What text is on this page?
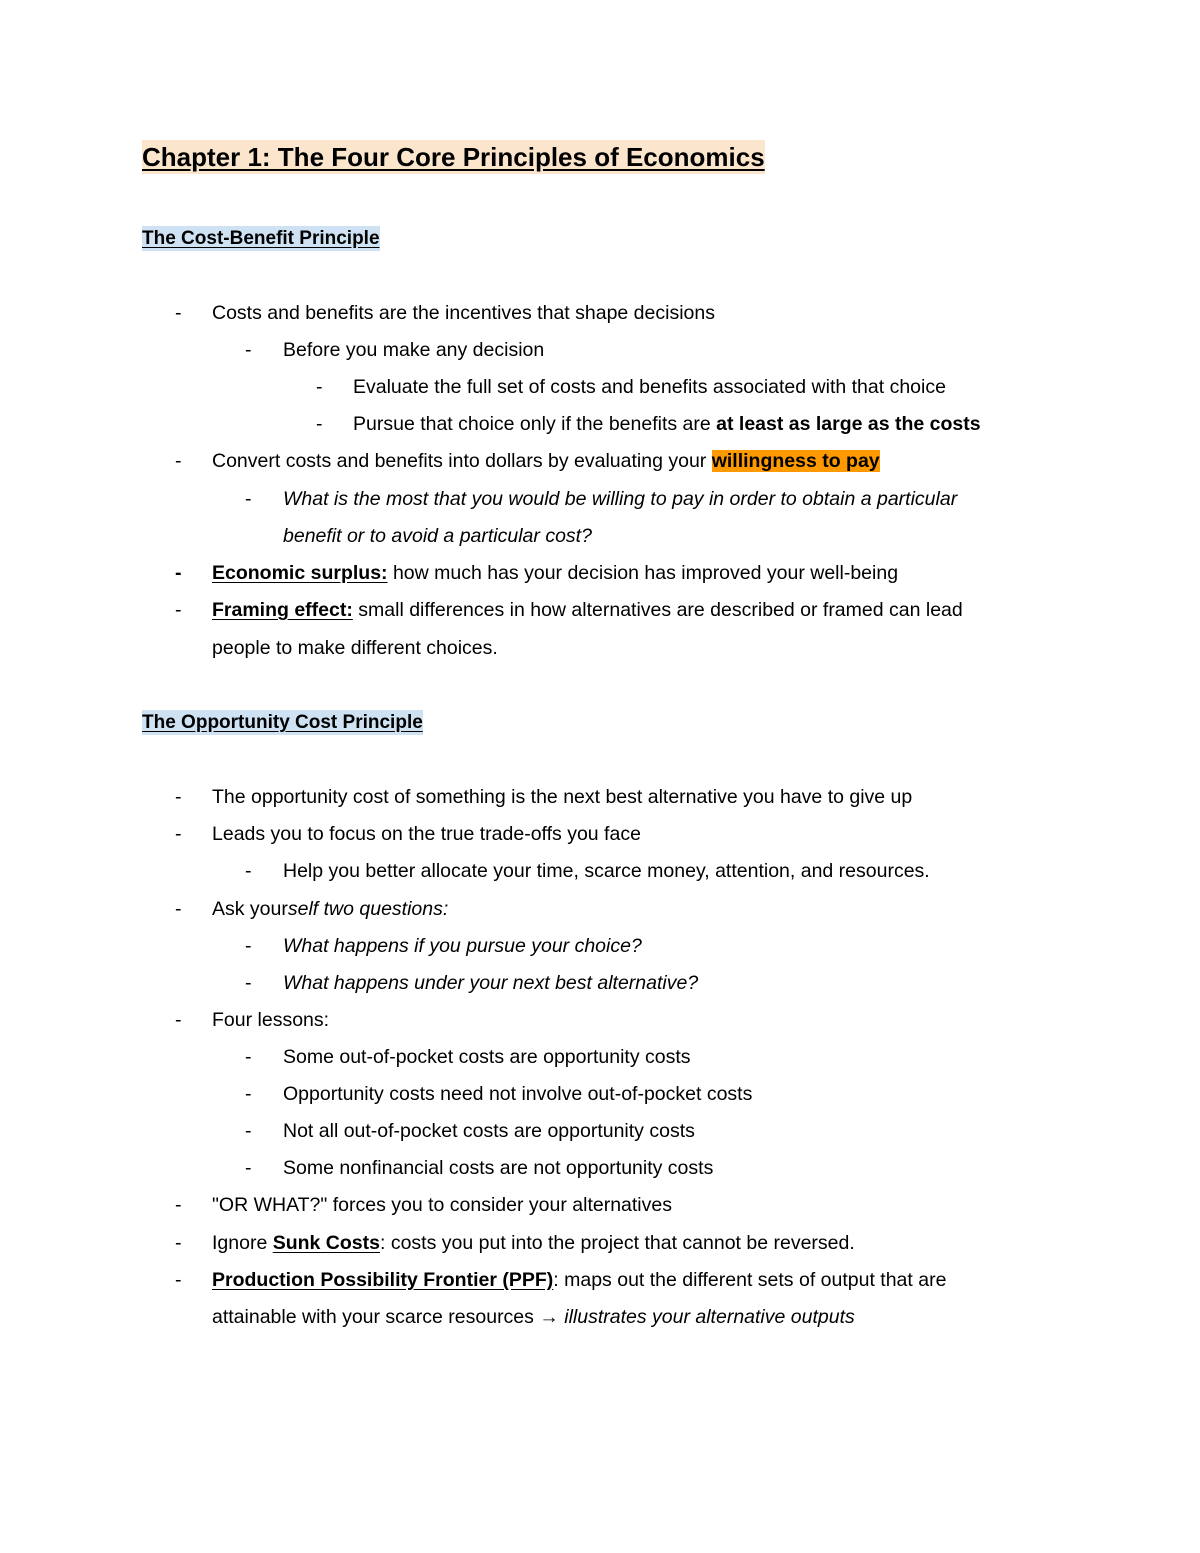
Chapter 1: The Four Core Principles of Economics
The Cost-Benefit Principle
- Costs and benefits are the incentives that shape decisions
- Before you make any decision
- Evaluate the full set of costs and benefits associated with that choice
- Pursue that choice only if the benefits are at least as large as the costs
- Convert costs and benefits into dollars by evaluating your willingness to pay
- What is the most that you would be willing to pay in order to obtain a particular
benefit or to avoid a particular cost?
- Economic surplus: how much has your decision has improved your well-being
- Framing effect: small differences in how alternatives are described or framed can lead
people to make different choices.
The Opportunity Cost Principle
- The opportunity cost of something is the next best alternative you have to give up
- Leads you to focus on the true trade-offs you face
- Help you better allocate your time, scarce money, attention, and resources.
- Ask yourself two questions:
- What happens if you pursue your choice?
- What happens under your next best alternative?
- Four lessons:
- Some out-of-pocket costs are opportunity costs
- Opportunity costs need not involve out-of-pocket costs
- Not all out-of-pocket costs are opportunity costs
- Some nonfinancial costs are not opportunity costs
- "OR WHAT?" forces you to consider your alternatives
- Ignore Sunk Costs: costs you put into the project that cannot be reversed.
- Production Possibility Frontier (PPF): maps out the different sets of output that are
attainable with your scarce resources → illustrates your alternative outputs
